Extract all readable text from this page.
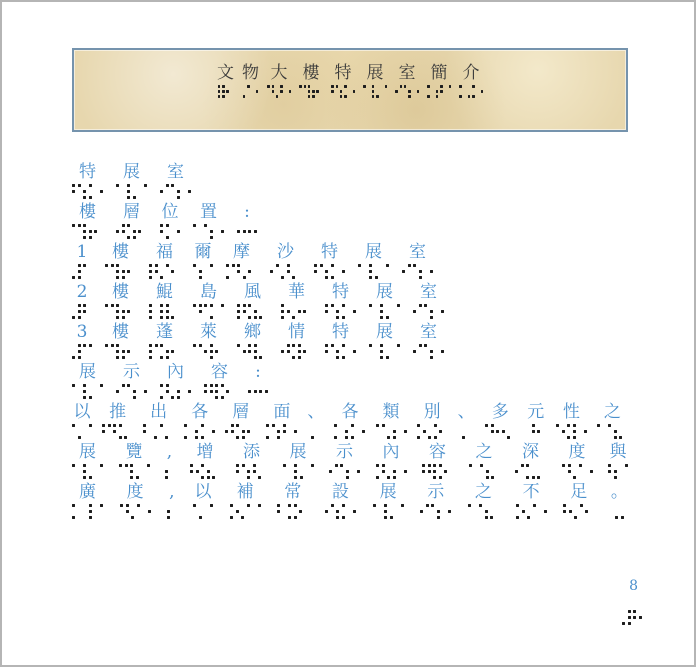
文 物 大 樓 特 展 室 簡 介
特 展 室
樓 層 位 置 :
1 樓 福 爾 摩 沙 特 展 室
2 樓 鯤 島 風 華 特 展 室
3 樓 蓬 萊 鄉 情 特 展 室
展 示 內 容 :
以 推 出 各 層 面 、 各 類 別 、 多 元 性 之
展 覽 , 增 添 展 示 內 容 之 深 度 與
廣 度 , 以 補 常 設 展 示 之 不 足 。
8
